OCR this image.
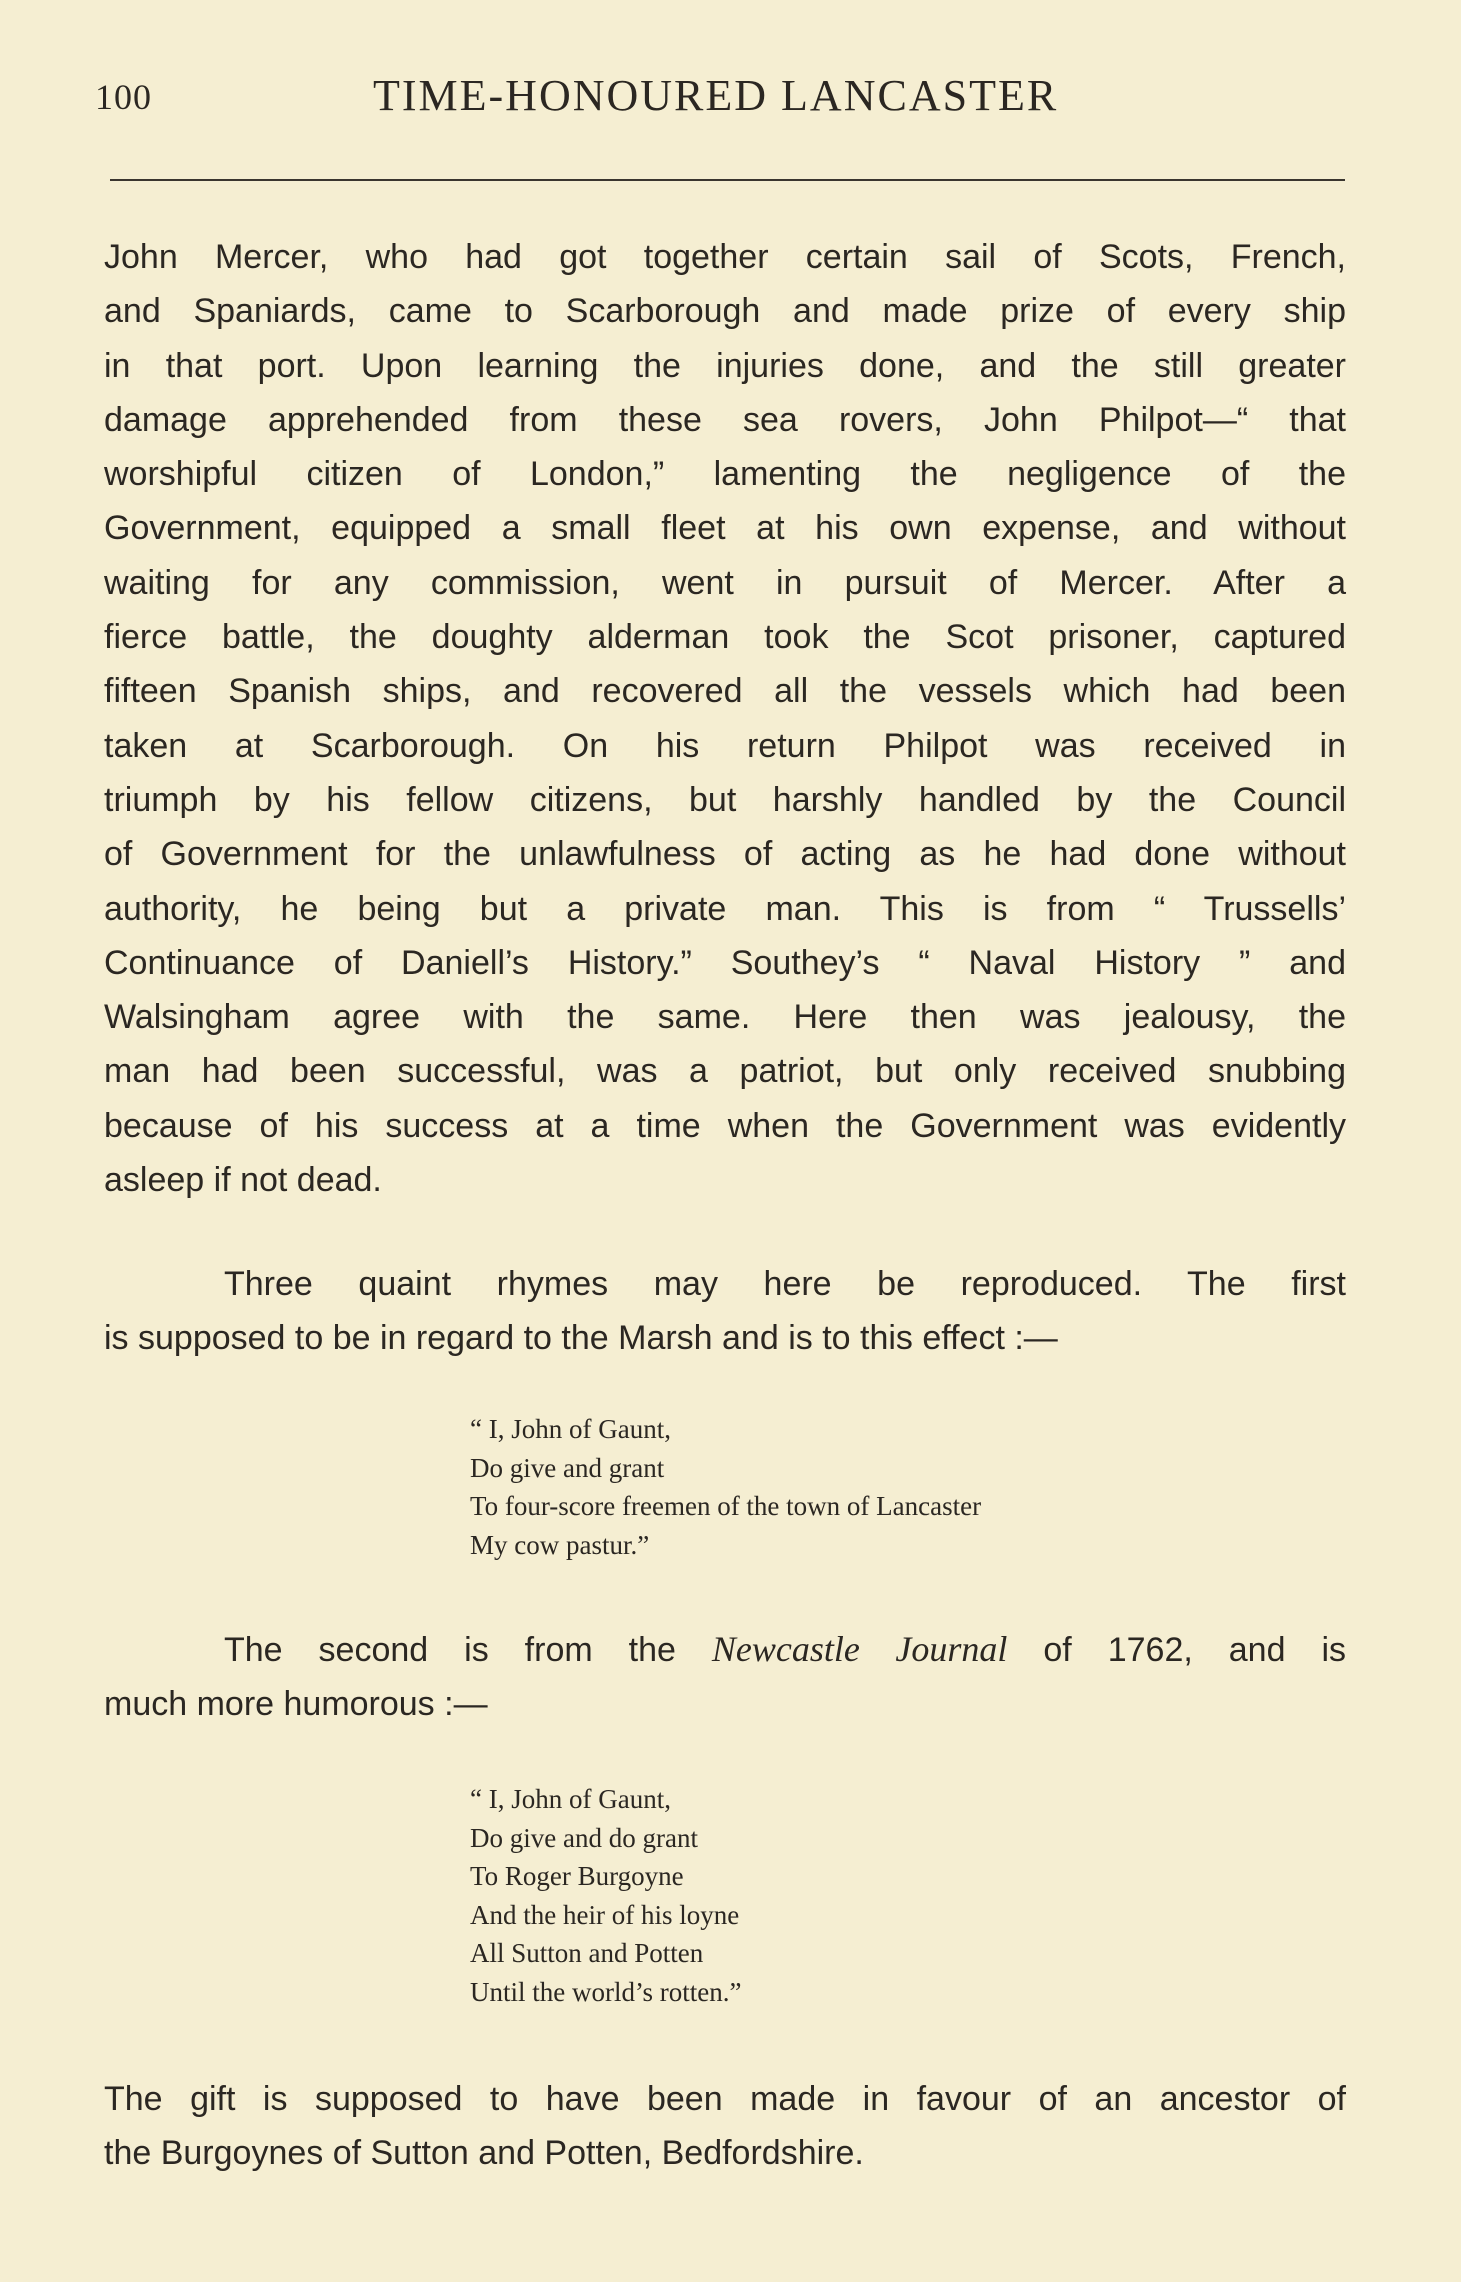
100	TIME-HONOURED LANCASTER
John Mercer, who had got together certain sail of Scots, French,
and Spaniards, came to Scarborough and made prize of every ship
in that port. Upon learning the injuries done, and the still greater
damage apprehended from these sea rovers, John Philpot—“ that
worshipful citizen of London,” lamenting the negligence of the
Government, equipped a small fleet at his own expense, and without
waiting for any commission, went in pursuit of Mercer. After a
fierce battle, the doughty alderman took the Scot prisoner, captured
fifteen Spanish ships, and recovered all the vessels which had been
taken at Scarborough. On his return Philpot was received in
triumph by his fellow citizens, but harshly handled by the Council
of Government for the unlawfulness of acting as he had done without
authority, he being but a private man. This is from “ Trussells’
Continuance of Daniell’s History.” Southey’s “ Naval History ” and
Walsingham agree with the same. Here then was jealousy, the
man had been successful, was a patriot, but only received snubbing
because of his success at a time when the Government was evidently
asleep if not dead.
Three quaint rhymes may here be reproduced. The first
is supposed to be in regard to the Marsh and is to this effect :—
“ I, John of Gaunt,
Do give and grant
To four-score freemen of the town of Lancaster
My cow pastur.”
The second is from the Newcastle Journal of 1762, and is
much more humorous :—
“ I, John of Gaunt,
Do give and do grant
To Roger Burgoyne
And the heir of his loyne
All Sutton and Potten
Until the world’s rotten.”
The gift is supposed to have been made in favour of an ancestor of
the Burgoynes of Sutton and Potten, Bedfordshire.
